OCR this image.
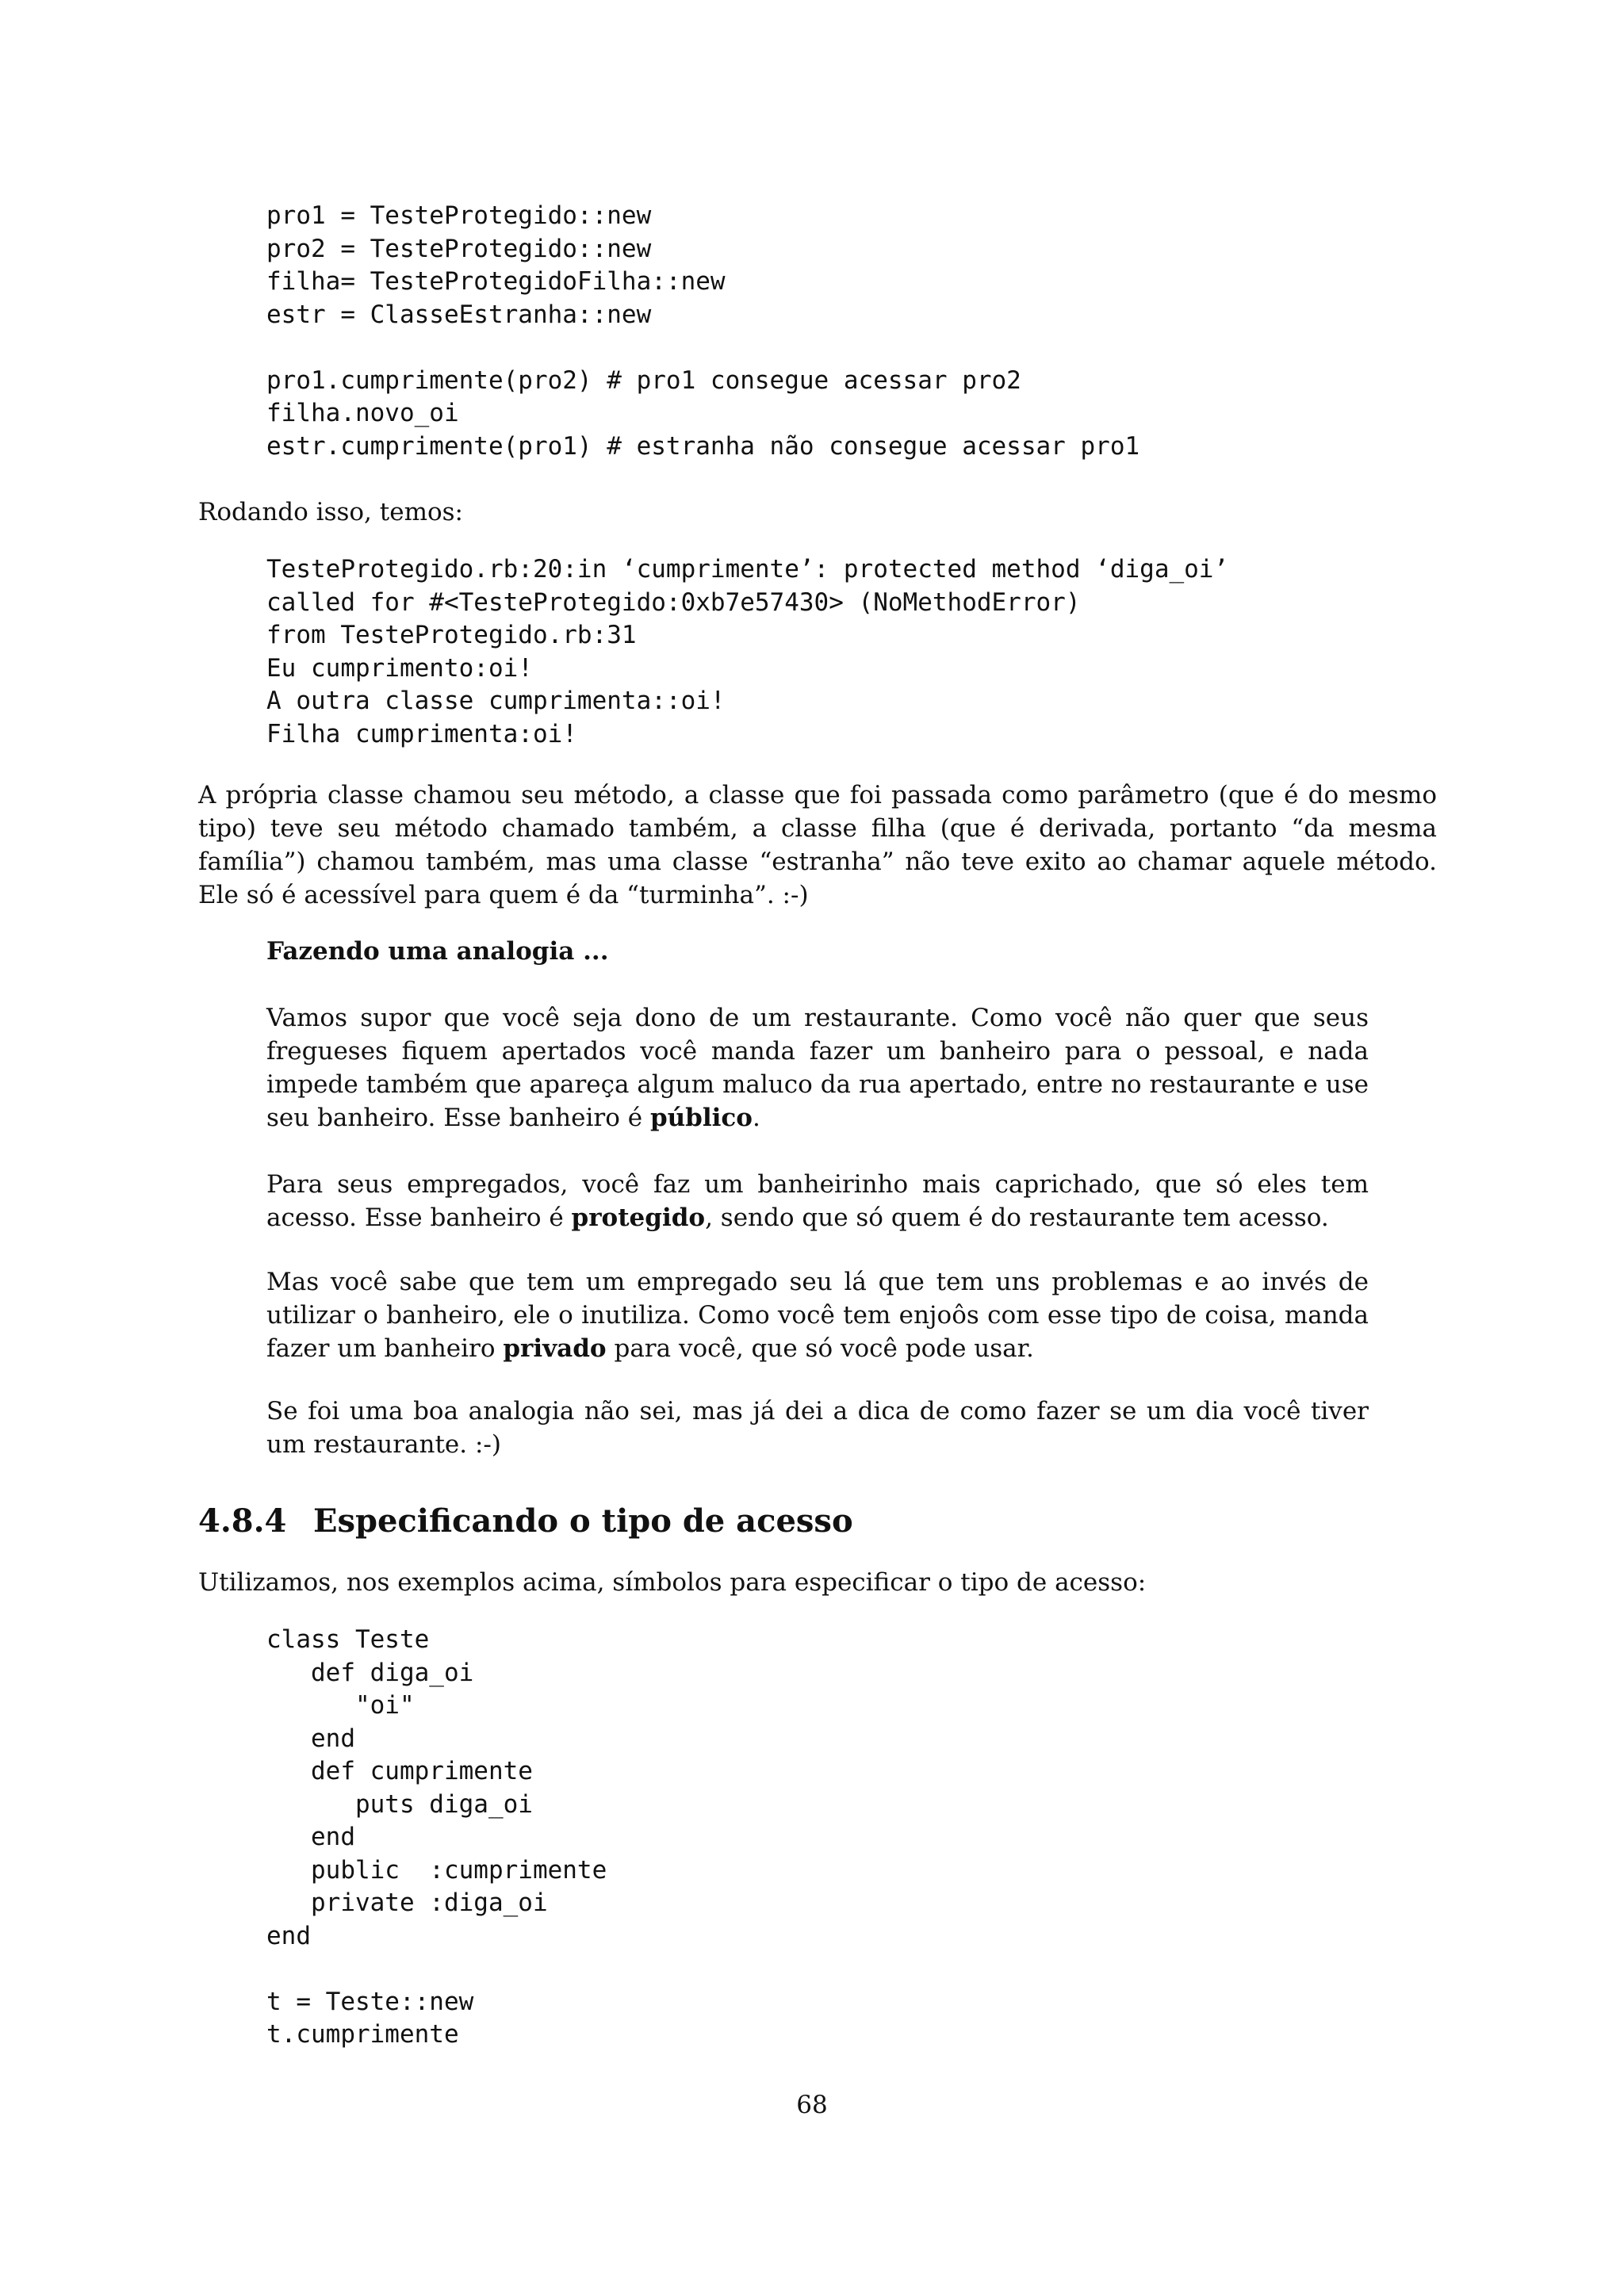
pro1 = TesteProtegido::new
pro2 = TesteProtegido::new
filha= TesteProtegidoFilha::new
estr = ClasseEstranha::new
pro1.cumprimente(pro2) # pro1 consegue acessar pro2
filha.novo_oi
estr.cumprimente(pro1) # estranha não consegue acessar pro1

Rodando isso, temos:

TesteProtegido.rb:20:in ‘cumprimente’: protected method ‘diga_oi’
called for #<TesteProtegido:0xb7e57430> (NoMethodError)
from TesteProtegido.rb:31
Eu cumprimento:oi!
A outra classe cumprimenta::oi!
Filha cumprimenta:oi!

A própria classe chamou seu método, a classe que foi passada como parâmetro (que é do mesmo tipo) teve seu método chamado também, a classe filha (que é derivada, portanto “da mesma família”) chamou também, mas uma classe “estranha” não teve exito ao chamar aquele método. Ele só é acessível para quem é da “turminha”. :-)

Fazendo uma analogia ...

Vamos supor que você seja dono de um restaurante. Como você não quer que seus fregueses fiquem apertados você manda fazer um banheiro para o pessoal, e nada impede também que apareça algum maluco da rua apertado, entre no restaurante e use seu banheiro. Esse banheiro é público.

Para seus empregados, você faz um banheirinho mais caprichado, que só eles tem acesso. Esse banheiro é protegido, sendo que só quem é do restaurante tem acesso.

Mas você sabe que tem um empregado seu lá que tem uns problemas e ao invés de utilizar o banheiro, ele o inutiliza. Como você tem enjoôs com esse tipo de coisa, manda fazer um banheiro privado para você, que só você pode usar.

Se foi uma boa analogia não sei, mas já dei a dica de como fazer se um dia você tiver um restaurante. :-)

4.8.4 Especificando o tipo de acesso

Utilizamos, nos exemplos acima, símbolos para especificar o tipo de acesso:

class Teste
def diga_oi
"oi"
end
def cumprimente
puts diga_oi
end
public  :cumprimente
private :diga_oi
end
t = Teste::new
t.cumprimente

68
